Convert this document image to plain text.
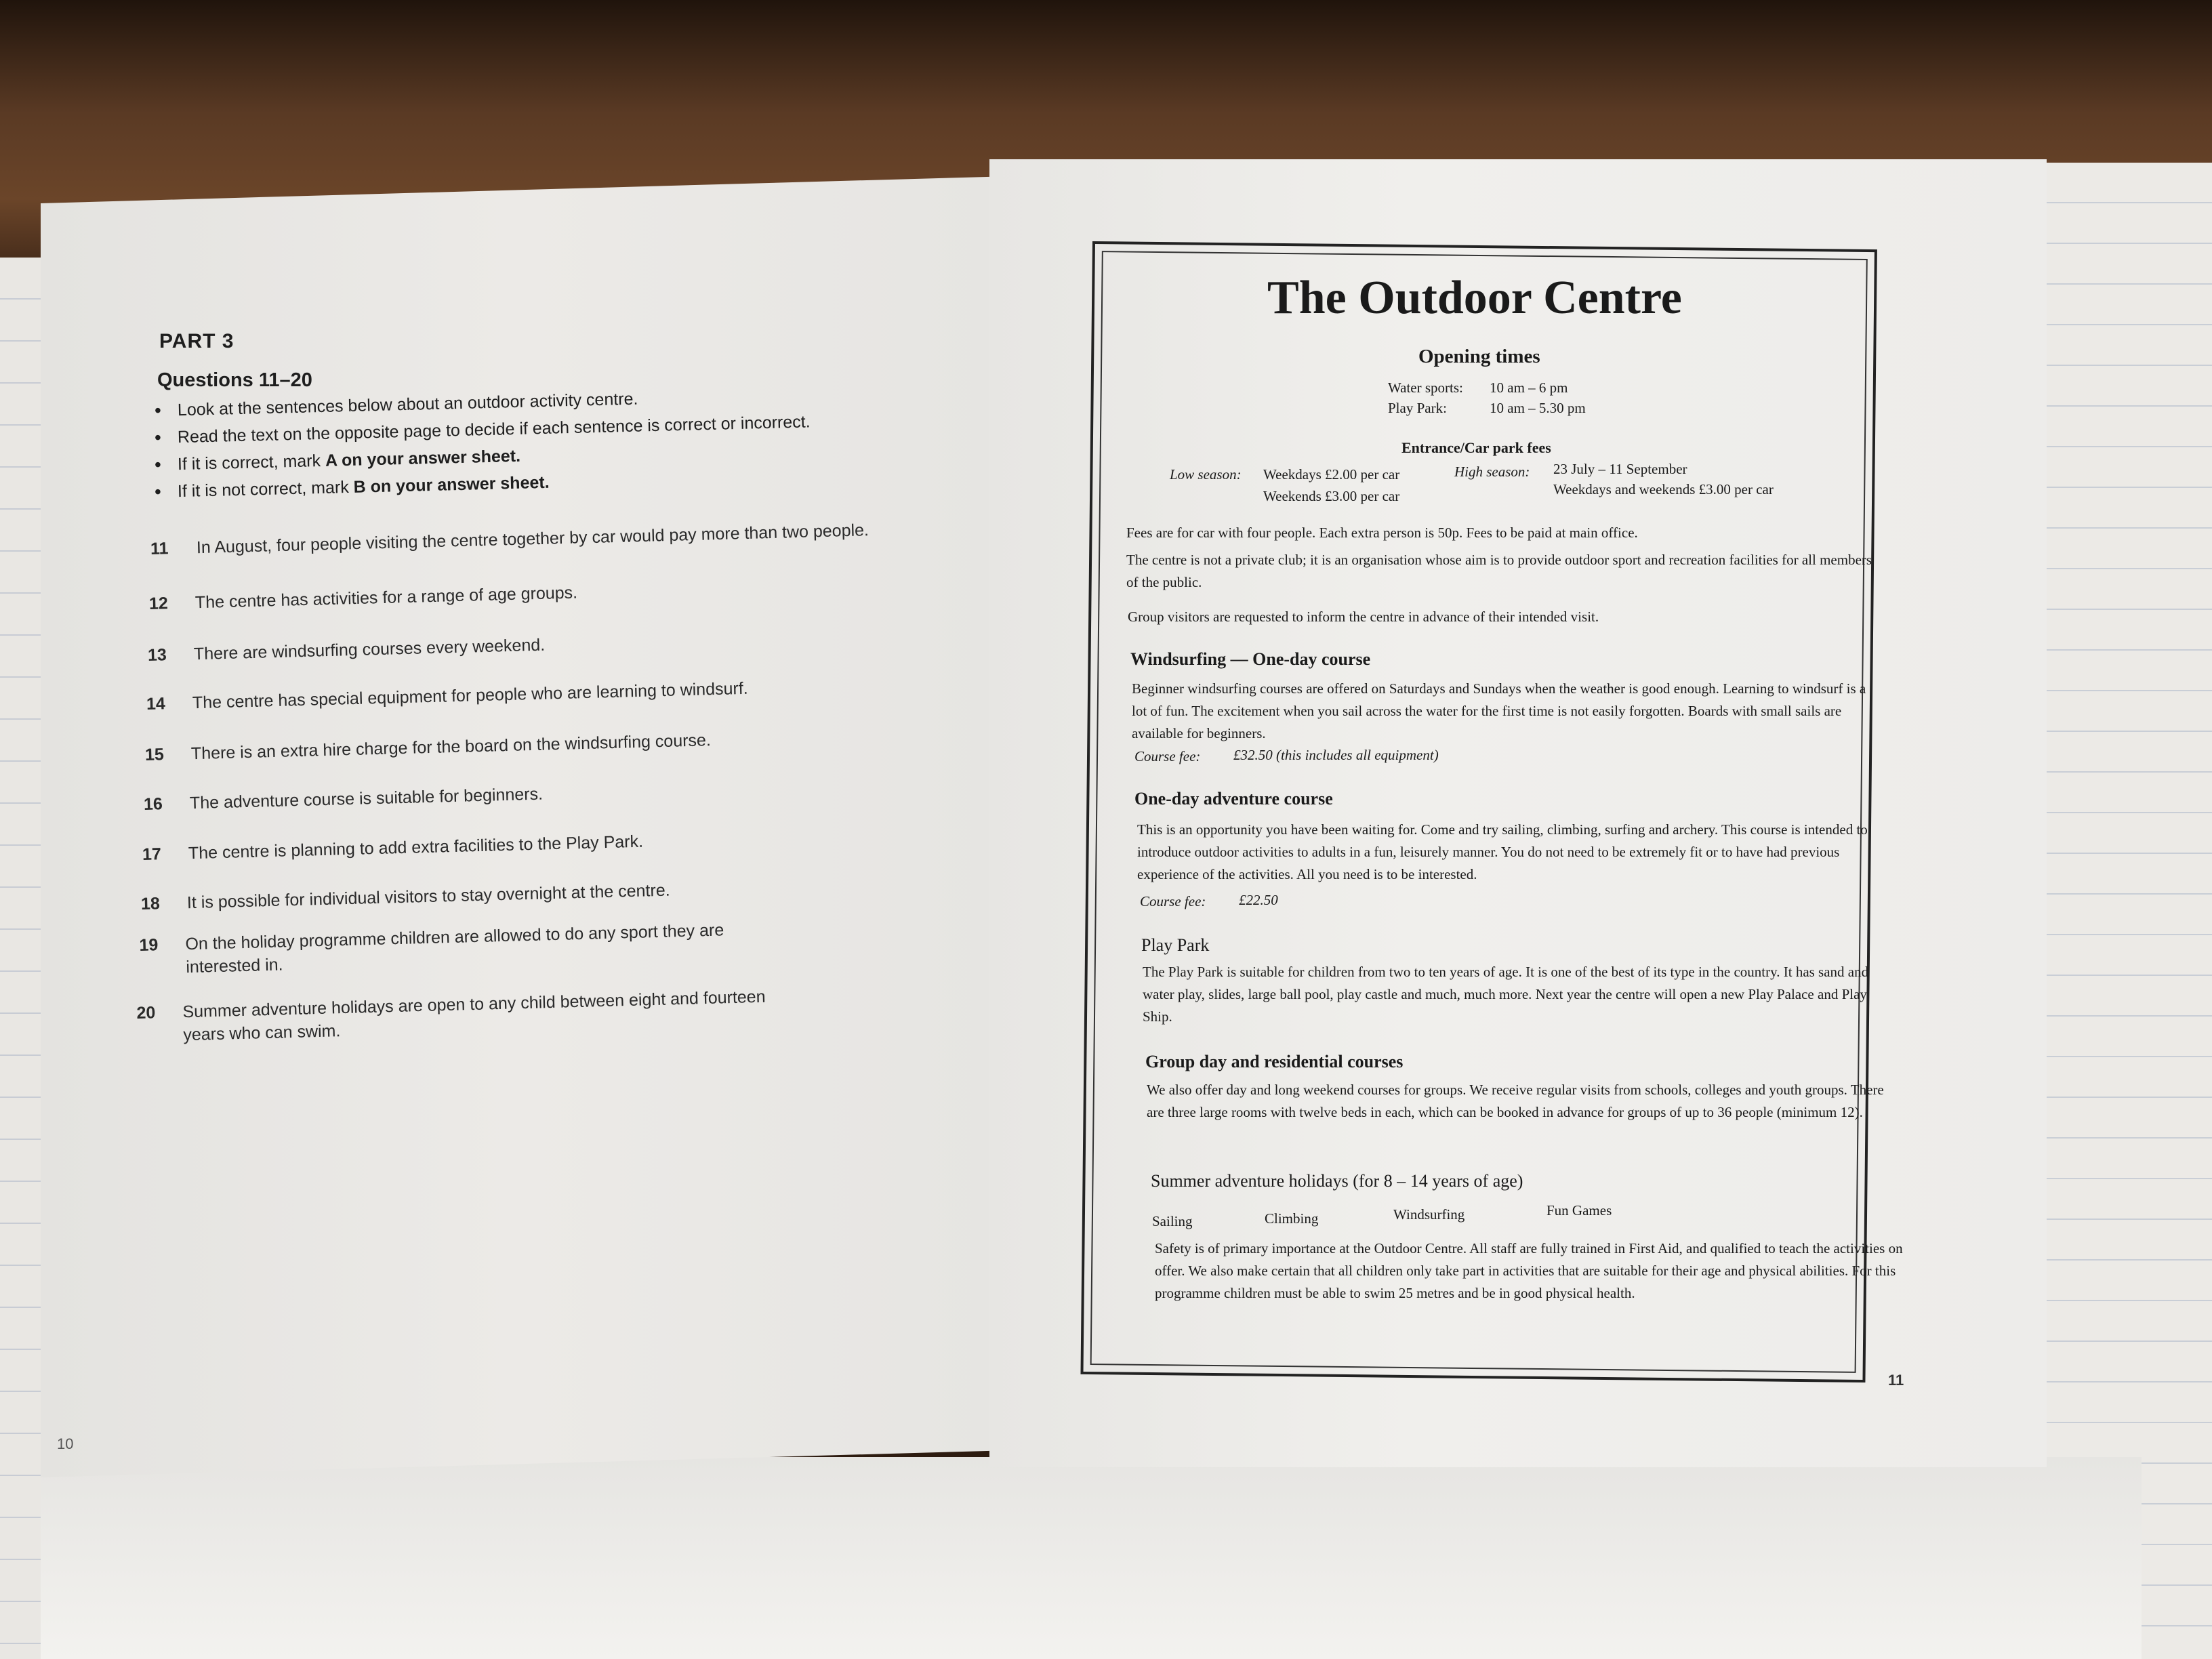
PART 3
Questions 11–20
• Look at the sentences below about an outdoor activity centre.
• Read the text on the opposite page to decide if each sentence is correct or incorrect.
• If it is correct, mark A on your answer sheet.
• If it is not correct, mark B on your answer sheet.
11 In August, four people visiting the centre together by car would pay more than two people.
12 The centre has activities for a range of age groups.
13 There are windsurfing courses every weekend.
14 The centre has special equipment for people who are learning to windsurf.
15 There is an extra hire charge for the board on the windsurfing course.
16 The adventure course is suitable for beginners.
17 The centre is planning to add extra facilities to the Play Park.
18 It is possible for individual visitors to stay overnight at the centre.
19 On the holiday programme children are allowed to do any sport they are interested in.
20 Summer adventure holidays are open to any child between eight and fourteen years who can swim.
10
The Outdoor Centre
Opening times
Water sports: 10 am – 6 pm
Play Park:	10 am – 5.30 pm
Entrance/Car park fees
Low season: Weekdays £2.00 per car
Weekends £3.00 per car
High season: 23 July – 11 September
Weekdays and weekends £3.00 per car
Fees are for car with four people. Each extra person is 50p. Fees to be paid at main office.
The centre is not a private club; it is an organisation whose aim is to provide outdoor sport and recreation facilities for all members of the public.
Group visitors are requested to inform the centre in advance of their intended visit.
Windsurfing — One-day course
Beginner windsurfing courses are offered on Saturdays and Sundays when the weather is good enough. Learning to windsurf is a lot of fun. The excitement when you sail across the water for the first time is not easily forgotten. Boards with small sails are available for beginners.
Course fee: £32.50 (this includes all equipment)
One-day adventure course
This is an opportunity you have been waiting for. Come and try sailing, climbing, surfing and archery. This course is intended to introduce outdoor activities to adults in a fun, leisurely manner. You do not need to be extremely fit or to have had previous experience of the activities. All you need is to be interested.
Course fee: £22.50
Play Park
The Play Park is suitable for children from two to ten years of age. It is one of the best of its type in the country. It has sand and water play, slides, large ball pool, play castle and much, much more. Next year the centre will open a new Play Palace and Play Ship.
Group day and residential courses
We also offer day and long weekend courses for groups. We receive regular visits from schools, colleges and youth groups. There are three large rooms with twelve beds in each, which can be booked in advance for groups of up to 36 people (minimum 12).
Summer adventure holidays (for 8 – 14 years of age)
Sailing	Climbing	Windsurfing	Fun Games
Safety is of primary importance at the Outdoor Centre. All staff are fully trained in First Aid, and qualified to teach the activities on offer. We also make certain that all children only take part in activities that are suitable for their age and physical abilities. For this programme children must be able to swim 25 metres and be in good physical health.
11
